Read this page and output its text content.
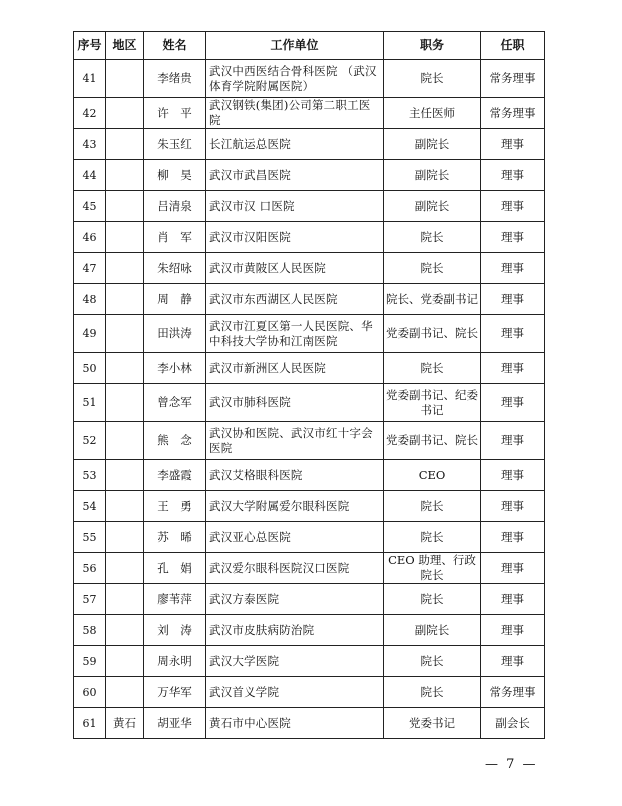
序号	地区	姓名	工作单位	职务	任职
41		李绪贵	武汉中西医结合骨科医院 （武汉体育学院附属医院）	院长	常务理事
42		许　平	武汉钢铁(集团)公司第二职工医院	主任医师	常务理事
43		朱玉红	长江航运总医院	副院长	理事
44		柳　昊	武汉市武昌医院	副院长	理事
45		吕清泉	武汉市汉 口医院	副院长	理事
46		肖　军	武汉市汉阳医院	院长	理事
47		朱绍咏	武汉市黄陂区人民医院	院长	理事
48		周　静	武汉市东西湖区人民医院	院长、党委副书记	理事
49		田洪涛	武汉市江夏区第一人民医院、华中科技大学协和江南医院	党委副书记、院长	理事
50		李小林	武汉市新洲区人民医院	院长	理事
51		曾念军	武汉市肺科医院	党委副书记、纪委书记	理事
52		熊　念	武汉协和医院、武汉市红十字会医院	党委副书记、院长	理事
53		李盛霞	武汉艾格眼科医院	CEO	理事
54		王　勇	武汉大学附属爱尔眼科医院	院长	理事
55		苏　晞	武汉亚心总医院	院长	理事
56		孔　娟	武汉爱尔眼科医院汉口医院	CEO 助理、行政院长	理事
57		廖苇萍	武汉方泰医院	院长	理事
58		刘　涛	武汉市皮肤病防治院	副院长	理事
59		周永明	武汉大学医院	院长	理事
60		万华军	武汉首义学院	院长	常务理事
61	黄石	胡亚华	黄石市中心医院	党委书记	副会长
— 7 —
